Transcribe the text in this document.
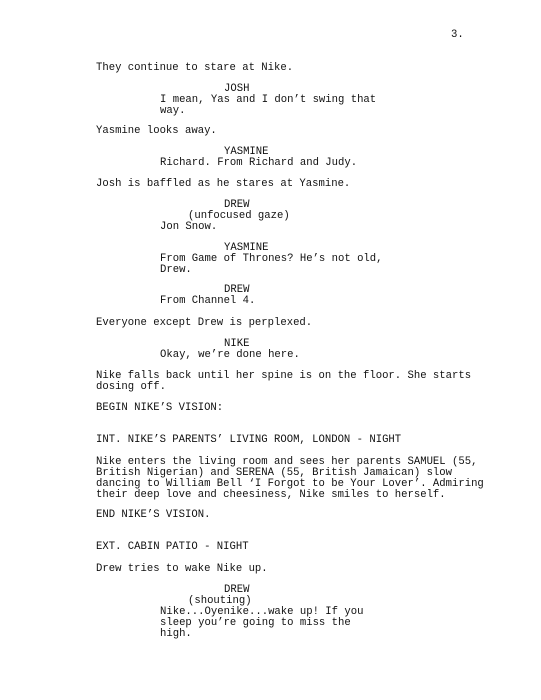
3.
They continue to stare at Nike.
JOSH
I mean, Yas and I don’t swing that
way.
Yasmine looks away.
YASMINE
Richard. From Richard and Judy.
Josh is baffled as he stares at Yasmine.
DREW
(unfocused gaze)
Jon Snow.
YASMINE
From Game of Thrones? He’s not old,
Drew.
DREW
From Channel 4.
Everyone except Drew is perplexed.
NIKE
Okay, we’re done here.
Nike falls back until her spine is on the floor. She starts
dosing off.
BEGIN NIKE’S VISION:
INT. NIKE’S PARENTS’ LIVING ROOM, LONDON - NIGHT
Nike enters the living room and sees her parents SAMUEL (55,
British Nigerian) and SERENA (55, British Jamaican) slow
dancing to William Bell ‘I Forgot to be Your Lover’. Admiring
their deep love and cheesiness, Nike smiles to herself.
END NIKE’S VISION.
EXT. CABIN PATIO - NIGHT
Drew tries to wake Nike up.
DREW
(shouting)
Nike...Oyenike...wake up! If you
sleep you’re going to miss the
high.
